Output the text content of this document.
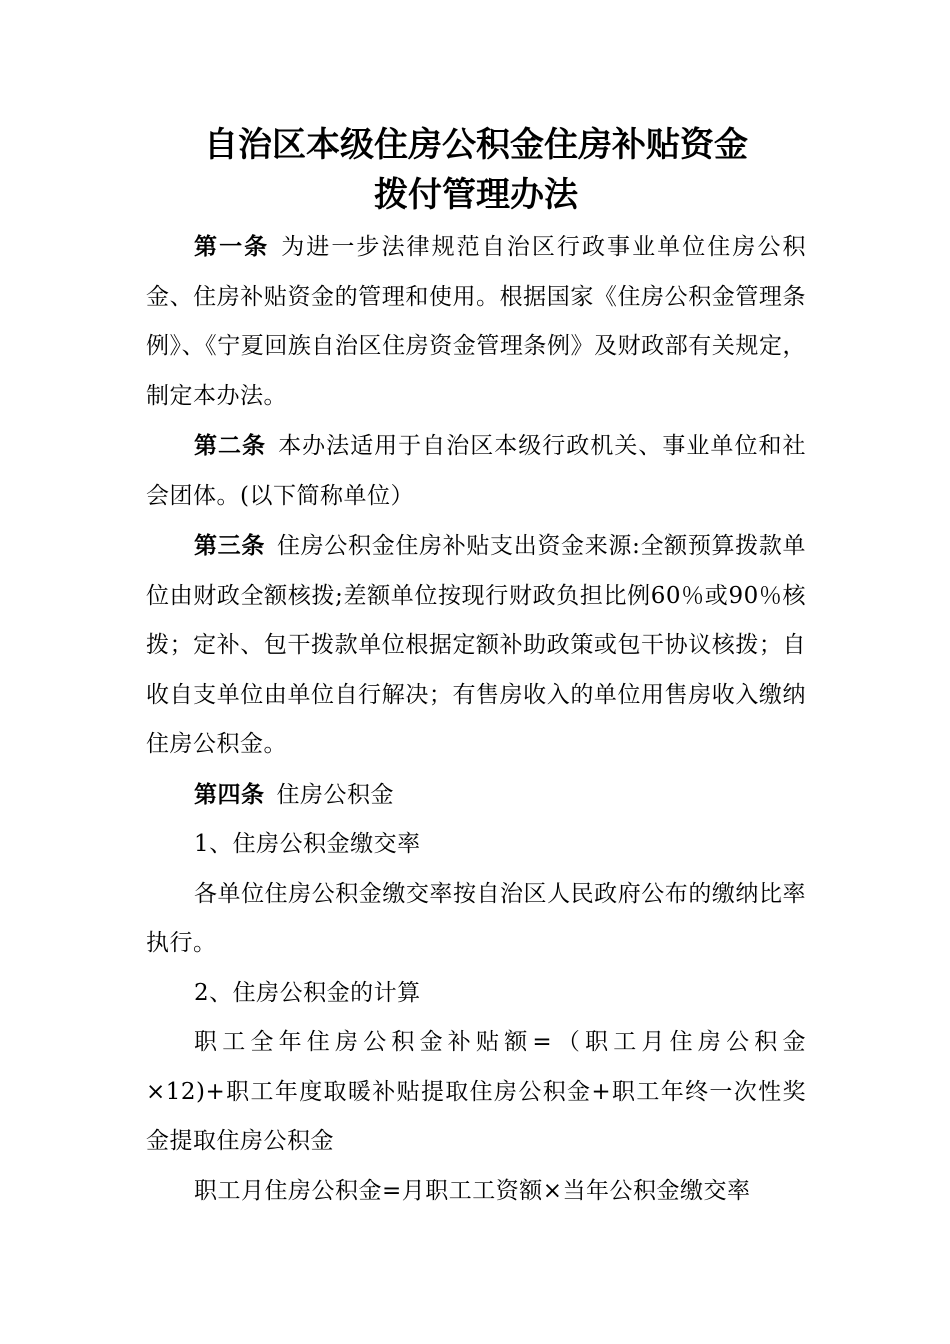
自治区本级住房公积金住房补贴资金
拨付管理办法

第一条 为进一步法律规范自治区行政事业单位住房公积金、住房补贴资金的管理和使用。根据国家《住房公积金管理条例》、《宁夏回族自治区住房资金管理条例》及财政部有关规定，制定本办法。

第二条 本办法适用于自治区本级行政机关、事业单位和社会团体。(以下简称单位）

第三条 住房公积金住房补贴支出资金来源:全额预算拨款单位由财政全额核拨;差额单位按现行财政负担比例60％或90％核拨；定补、包干拨款单位根据定额补助政策或包干协议核拨；自收自支单位由单位自行解决；有售房收入的单位用售房收入缴纳住房公积金。

第四条 住房公积金

1、住房公积金缴交率

各单位住房公积金缴交率按自治区人民政府公布的缴纳比率执行。

2、住房公积金的计算

职工全年住房公积金补贴额=（职工月住房公积金×12)+职工年度取暖补贴提取住房公积金+职工年终一次性奖金提取住房公积金

职工月住房公积金=月职工工资额×当年公积金缴交率
